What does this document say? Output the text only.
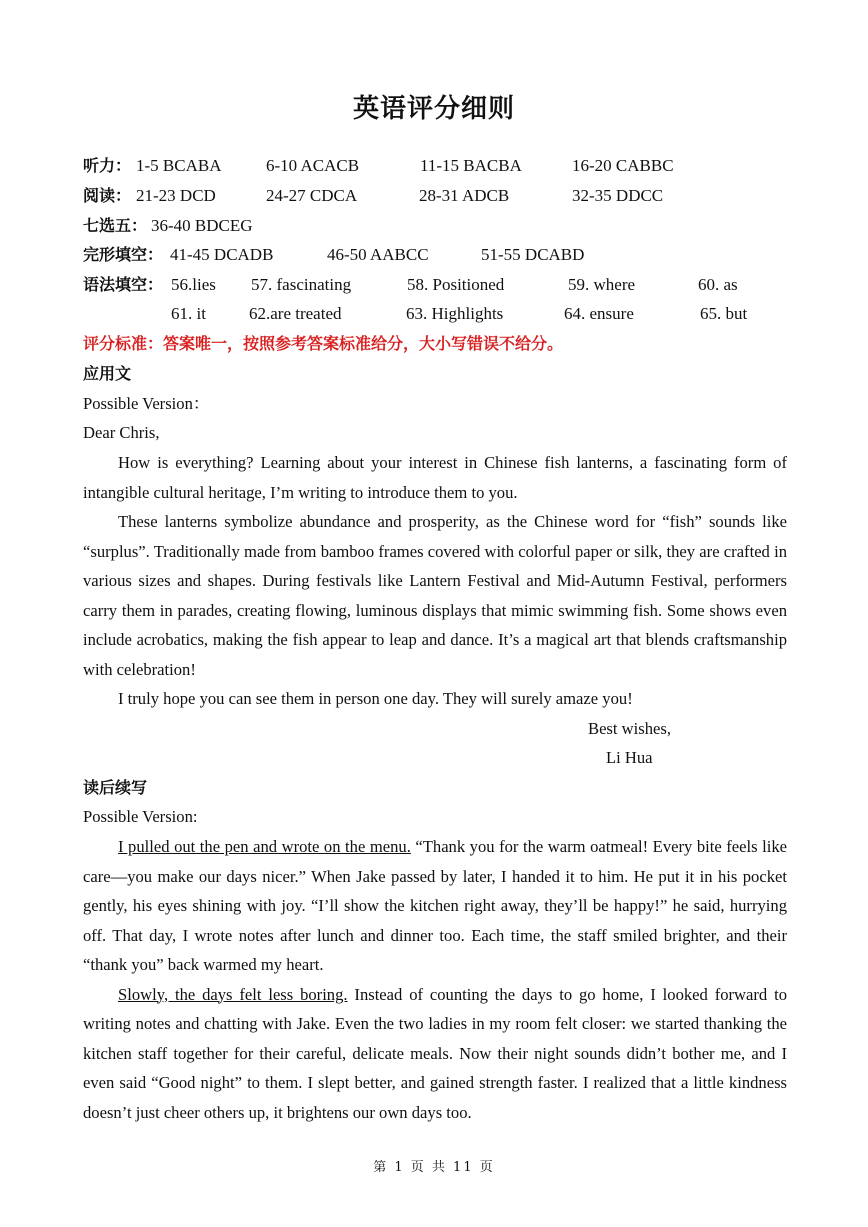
英语评分细则
听力： 1-5 BCABA	6-10 ACACB	11-15 BACBA	16-20 CABBC
阅读： 21-23 DCD	24-27 CDCA	28-31 ADCB	32-35 DDCC
七选五： 36-40 BDCEG
完形填空： 41-45 DCADB	46-50 AABCC	51-55 DCABD
语法填空： 56.lies 57. fascinating	58. Positioned	59. where	60. as
61. it	62.are treated	63. Highlights	64. ensure	65. but
评分标准：答案唯一，按照参考答案标准给分，大小写错误不给分。
应用文
Possible Version：
Dear Chris,

How is everything? Learning about your interest in Chinese fish lanterns, a fascinating form of intangible cultural heritage, I’m writing to introduce them to you.

These lanterns symbolize abundance and prosperity, as the Chinese word for “fish” sounds like “surplus”. Traditionally made from bamboo frames covered with colorful paper or silk, they are crafted in various sizes and shapes. During festivals like Lantern Festival and Mid-Autumn Festival, performers carry them in parades, creating flowing, luminous displays that mimic swimming fish. Some shows even include acrobatics, making the fish appear to leap and dance. It’s a magical art that blends craftsmanship with celebration!

I truly hope you can see them in person one day. They will surely amaze you!

Best wishes,
Li Hua
读后续写
Possible Version:

I pulled out the pen and wrote on the menu. “Thank you for the warm oatmeal! Every bite feels like care—you make our days nicer.” When Jake passed by later, I handed it to him. He put it in his pocket gently, his eyes shining with joy. “I’ll show the kitchen right away, they’ll be happy!” he said, hurrying off. That day, I wrote notes after lunch and dinner too. Each time, the staff smiled brighter, and their “thank you” back warmed my heart.

Slowly, the days felt less boring. Instead of counting the days to go home, I looked forward to writing notes and chatting with Jake. Even the two ladies in my room felt closer: we started thanking the kitchen staff together for their careful, delicate meals. Now their night sounds didn’t bother me, and I even said “Good night” to them. I slept better, and gained strength faster. I realized that a little kindness doesn’t just cheer others up, it brightens our own days too.

第 1 页 共 11 页
